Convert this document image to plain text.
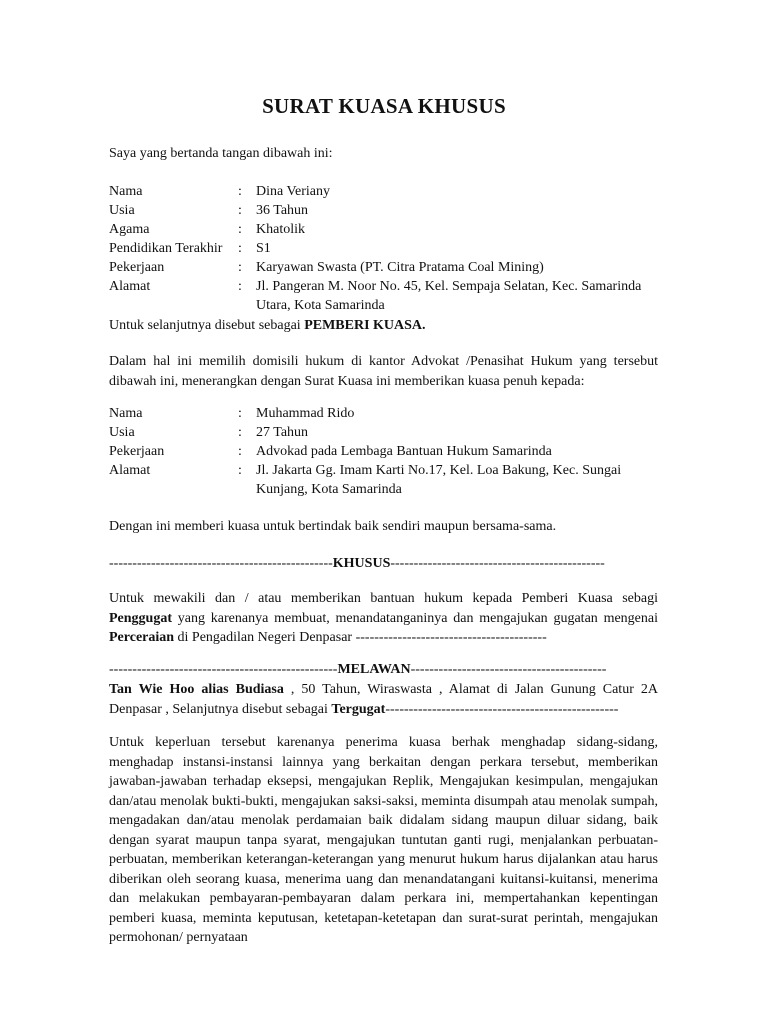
SURAT KUASA KHUSUS
Saya yang bertanda tangan dibawah ini:
Nama	: Dina Veriany
Usia	: 36 Tahun
Agama	: Khatolik
Pendidikan Terakhir : S1
Pekerjaan	: Karyawan Swasta (PT. Citra Pratama Coal Mining)
Alamat	: Jl. Pangeran M. Noor No. 45, Kel. Sempaja Selatan, Kec. Samarinda Utara, Kota Samarinda
Untuk selanjutnya disebut sebagai PEMBERI KUASA.
Dalam hal ini memilih domisili hukum di kantor Advokat /Penasihat Hukum yang tersebut dibawah ini, menerangkan dengan Surat Kuasa ini memberikan kuasa penuh kepada:
Nama	: Muhammad Rido
Usia	: 27 Tahun
Pekerjaan	: Advokad pada Lembaga Bantuan Hukum Samarinda
Alamat	: Jl. Jakarta Gg. Imam Karti No.17, Kel. Loa Bakung, Kec. Sungai Kunjang, Kota Samarinda
Dengan ini memberi kuasa untuk bertindak baik sendiri maupun bersama-sama.
------------------------------------------------KHUSUS----------------------------------------------
Untuk mewakili dan / atau memberikan bantuan hukum kepada Pemberi Kuasa sebagi Penggugat yang karenanya membuat, menandatanganinya dan mengajukan gugatan mengenai Perceraian di Pengadilan Negeri Denpasar -----------------------------------------
-------------------------------------------------MELAWAN------------------------------------------
Tan Wie Hoo alias Budiasa , 50 Tahun, Wiraswasta , Alamat di Jalan Gunung Catur 2A Denpasar , Selanjutnya disebut sebagai Tergugat--------------------------------------------------
Untuk keperluan tersebut karenanya penerima kuasa berhak menghadap sidang-sidang, menghadap instansi-instansi lainnya yang berkaitan dengan perkara tersebut, memberikan jawaban-jawaban terhadap eksepsi, mengajukan Replik, Mengajukan kesimpulan, mengajukan dan/atau menolak bukti-bukti, mengajukan saksi-saksi, meminta disumpah atau menolak sumpah, mengadakan dan/atau menolak perdamaian baik didalam sidang maupun diluar sidang, baik dengan syarat maupun tanpa syarat, mengajukan tuntutan ganti rugi, menjalankan perbuatan-perbuatan, memberikan keterangan-keterangan yang menurut hukum harus dijalankan atau harus diberikan oleh seorang kuasa, menerima uang dan menandatangani kuitansi-kuitansi, menerima dan melakukan pembayaran-pembayaran dalam perkara ini, mempertahankan kepentingan pemberi kuasa, meminta keputusan, ketetapan-ketetapan dan surat-surat perintah, mengajukan permohonan/ pernyataan
